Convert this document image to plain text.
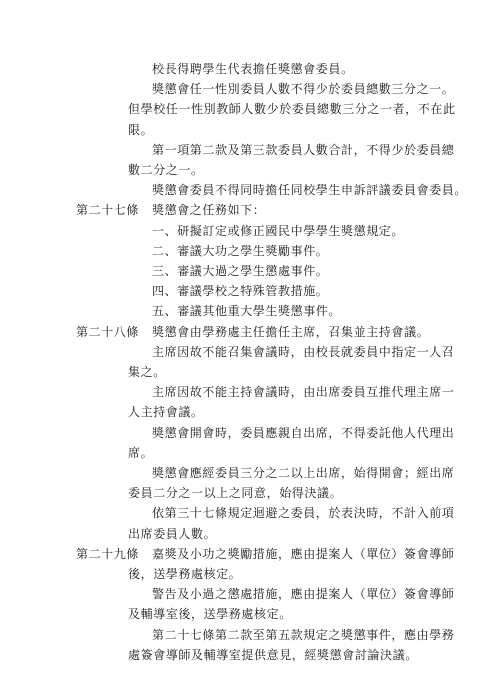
校長得聘學生代表擔任獎懲會委員。
獎懲會任一性別委員人數不得少於委員總數三分之一。
但學校任一性別教師人數少於委員總數三分之一者，不在此
限。
第一項第二款及第三款委員人數合計，不得少於委員總
數二分之一。
獎懲會委員不得同時擔任同校學生申訴評議委員會委員。
第二十七條 獎懲會之任務如下：
一、研擬訂定或修正國民中學學生獎懲規定。
二、審議大功之學生獎勵事件。
三、審議大過之學生懲處事件。
四、審議學校之特殊管教措施。
五、審議其他重大學生獎懲事件。
第二十八條 獎懲會由學務處主任擔任主席，召集並主持會議。
主席因故不能召集會議時，由校長就委員中指定一人召
集之。
主席因故不能主持會議時，由出席委員互推代理主席一
人主持會議。
獎懲會開會時，委員應親自出席，不得委託他人代理出
席。
獎懲會應經委員三分之二以上出席，始得開會；經出席
委員二分之一以上之同意，始得決議。
依第三十七條規定迴避之委員，於表決時，不計入前項
出席委員人數。
第二十九條 嘉獎及小功之獎勵措施，應由提案人（單位）簽會導師
後，送學務處核定。
警告及小過之懲處措施，應由提案人（單位）簽會導師
及輔導室後，送學務處核定。
第二十七條第二款至第五款規定之獎懲事件，應由學務
處簽會導師及輔導室提供意見，經獎懲會討論決議。
